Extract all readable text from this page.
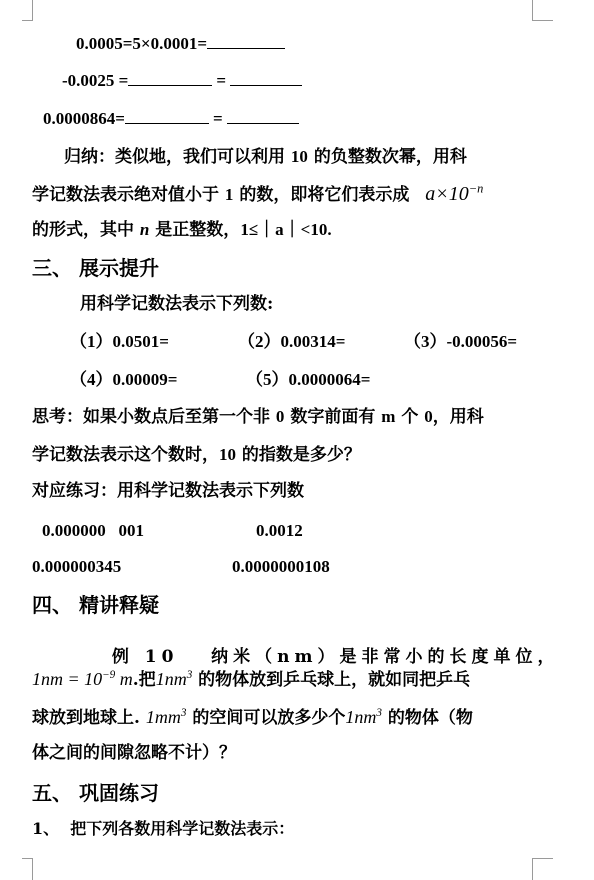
0.0005=5×0.0001=
-0.0025 =	=
0.0000864=	=
归纳：类似地，我们可以利用 10 的负整数次幂，用科
学记数法表示绝对值小于 1 的数，即将它们表示成 $a\times 10^{-n}$
的形式，其中 n 是正整数，1≤｜a｜<10.
三、 展示提升
用科学记数法表示下列数:
（1）0.0501=	（2）0.00314=	（3）-0.00056=
（4）0.00009=	（5）0.0000064=
思考：如果小数点后至第一个非 0 数字前面有 m 个 0，用科
学记数法表示这个数时，10 的指数是多少？
对应练习：用科学记数法表示下列数
0.000000   001	0.0012
0.000000345	0.0000000108
四、 精讲释疑

例 10   纳米（nm）是非常小的长度单位，

$1nm = 10^{-9}$ m.把$1nm^3$ 的物体放到乒乓球上，就如同把乒乓
球放到地球上. $1mm^3$ 的空间可以放多少个$1nm^3$ 的物体（物
体之间的间隙忽略不计）？
五、 巩固练习
1、  把下列各数用科学记数法表示：
